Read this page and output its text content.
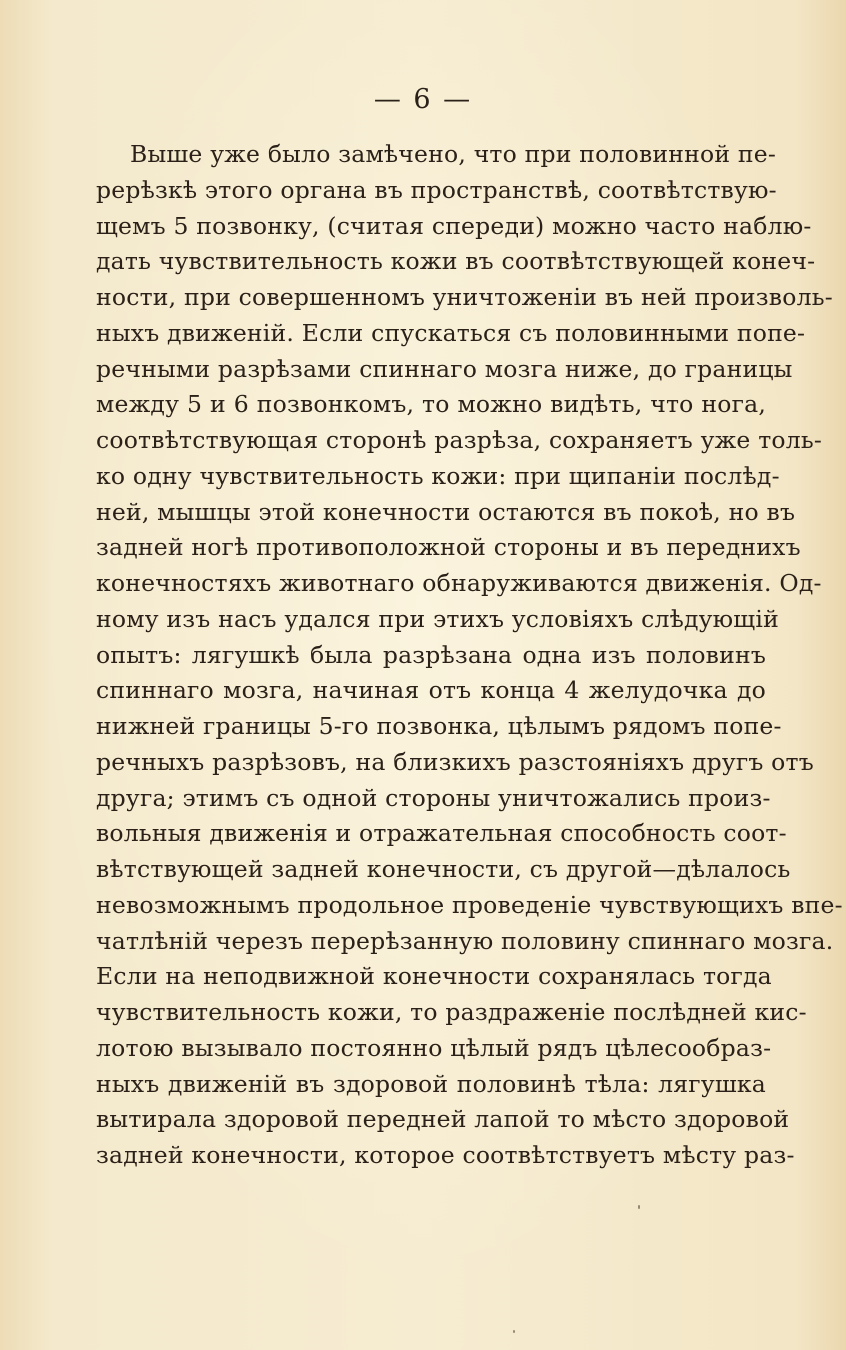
— 6 —
Выше уже было замѣчено, что при половинной пе-
рерѣзкѣ этого органа въ пространствѣ, соотвѣтствую-
щемъ 5 позвонку, (считая спереди) можно часто наблю-
дать чувствительность кожи въ соотвѣтствующей конеч-
ности, при совершенномъ уничтоженіи въ ней произволь-
ныхъ движеній. Если спускаться съ половинными попе-
речными разрѣзами спиннаго мозга ниже, до границы
между 5 и 6 позвонкомъ, то можно видѣть, что нога,
соотвѣтствующая сторонѣ разрѣза, сохраняетъ уже толь-
ко одну чувствительность кожи: при щипаніи послѣд-
ней, мышцы этой конечности остаются въ покоѣ, но въ
задней ногѣ противоположной стороны и въ переднихъ
конечностяхъ животнаго обнаруживаются движенія. Од-
ному изъ насъ удался при этихъ условіяхъ слѣдующій
опытъ: лягушкѣ была разрѣзана одна изъ половинъ
спиннаго мозга, начиная отъ конца 4 желудочка до
нижней границы 5-го позвонка, цѣлымъ рядомъ попе-
речныхъ разрѣзовъ, на близкихъ разстояніяхъ другъ отъ
друга; этимъ съ одной стороны уничтожались произ-
вольныя движенія и отражательная способность соот-
вѣтствующей задней конечности, съ другой—дѣлалось
невозможнымъ продольное проведеніе чувствующихъ впе-
чатлѣній черезъ перерѣзанную половину спиннаго мозга.
Если на неподвижной конечности сохранялась тогда
чувствительность кожи, то раздраженіе послѣдней кис-
лотою вызывало постоянно цѣлый рядъ цѣлесообраз-
ныхъ движеній въ здоровой половинѣ тѣла: лягушка
вытирала здоровой передней лапой то мѣсто здоровой
задней конечности, которое соотвѣтствуетъ мѣсту раз-
